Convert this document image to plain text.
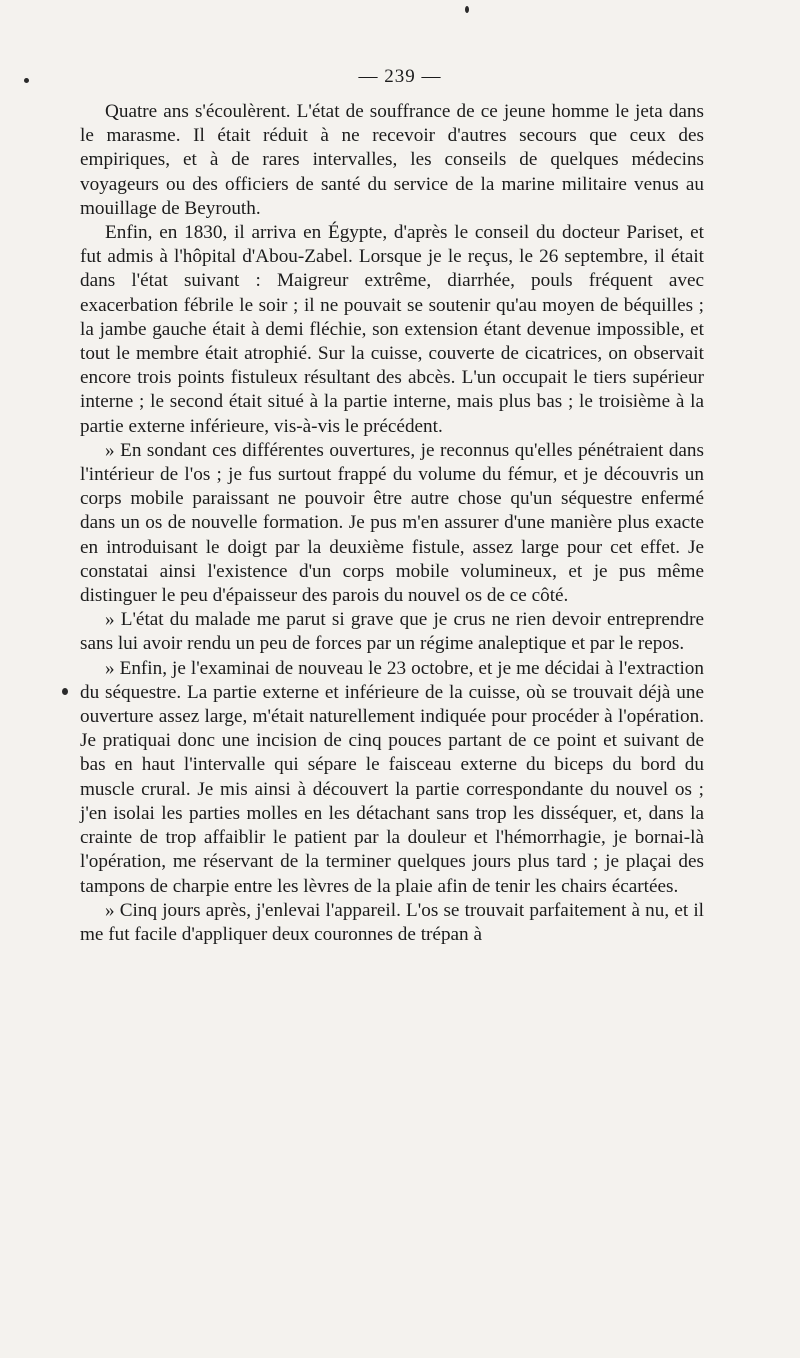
— 239 —

Quatre ans s'écoulèrent. L'état de souffrance de ce jeune homme le jeta dans le marasme. Il était réduit à ne recevoir d'autres secours que ceux des empiriques, et à de rares intervalles, les conseils de quelques médecins voyageurs ou des officiers de santé du service de la marine militaire venus au mouillage de Beyrouth.

Enfin, en 1830, il arriva en Égypte, d'après le conseil du docteur Pariset, et fut admis à l'hôpital d'Abou-Zabel. Lorsque je le reçus, le 26 septembre, il était dans l'état suivant : Maigreur extrême, diarrhée, pouls fréquent avec exacerbation fébrile le soir ; il ne pouvait se soutenir qu'au moyen de béquilles ; la jambe gauche était à demi fléchie, son extension étant devenue impossible, et tout le membre était atrophié. Sur la cuisse, couverte de cicatrices, on observait encore trois points fistuleux résultant des abcès. L'un occupait le tiers supérieur interne ; le second était situé à la partie interne, mais plus bas ; le troisième à la partie externe inférieure, vis-à-vis le précédent.

» En sondant ces différentes ouvertures, je reconnus qu'elles pénétraient dans l'intérieur de l'os ; je fus surtout frappé du volume du fémur, et je découvris un corps mobile paraissant ne pouvoir être autre chose qu'un séquestre enfermé dans un os de nouvelle formation. Je pus m'en assurer d'une manière plus exacte en introduisant le doigt par la deuxième fistule, assez large pour cet effet. Je constatai ainsi l'existence d'un corps mobile volumineux, et je pus même distinguer le peu d'épaisseur des parois du nouvel os de ce côté.

» L'état du malade me parut si grave que je crus ne rien devoir entreprendre sans lui avoir rendu un peu de forces par un régime analeptique et par le repos.

» Enfin, je l'examinai de nouveau le 23 octobre, et je me décidai à l'extraction du séquestre. La partie externe et inférieure de la cuisse, où se trouvait déjà une ouverture assez large, m'était naturellement indiquée pour procéder à l'opération. Je pratiquai donc une incision de cinq pouces partant de ce point et suivant de bas en haut l'intervalle qui sépare le faisceau externe du biceps du bord du muscle crural. Je mis ainsi à découvert la partie correspondante du nouvel os ; j'en isolai les parties molles en les détachant sans trop les disséquer, et, dans la crainte de trop affaiblir le patient par la douleur et l'hémorrhagie, je bornai-là l'opération, me réservant de la terminer quelques jours plus tard ; je plaçai des tampons de charpie entre les lèvres de la plaie afin de tenir les chairs écartées.

» Cinq jours après, j'enlevai l'appareil. L'os se trouvait parfaitement à nu, et il me fut facile d'appliquer deux couronnes de trépan à
